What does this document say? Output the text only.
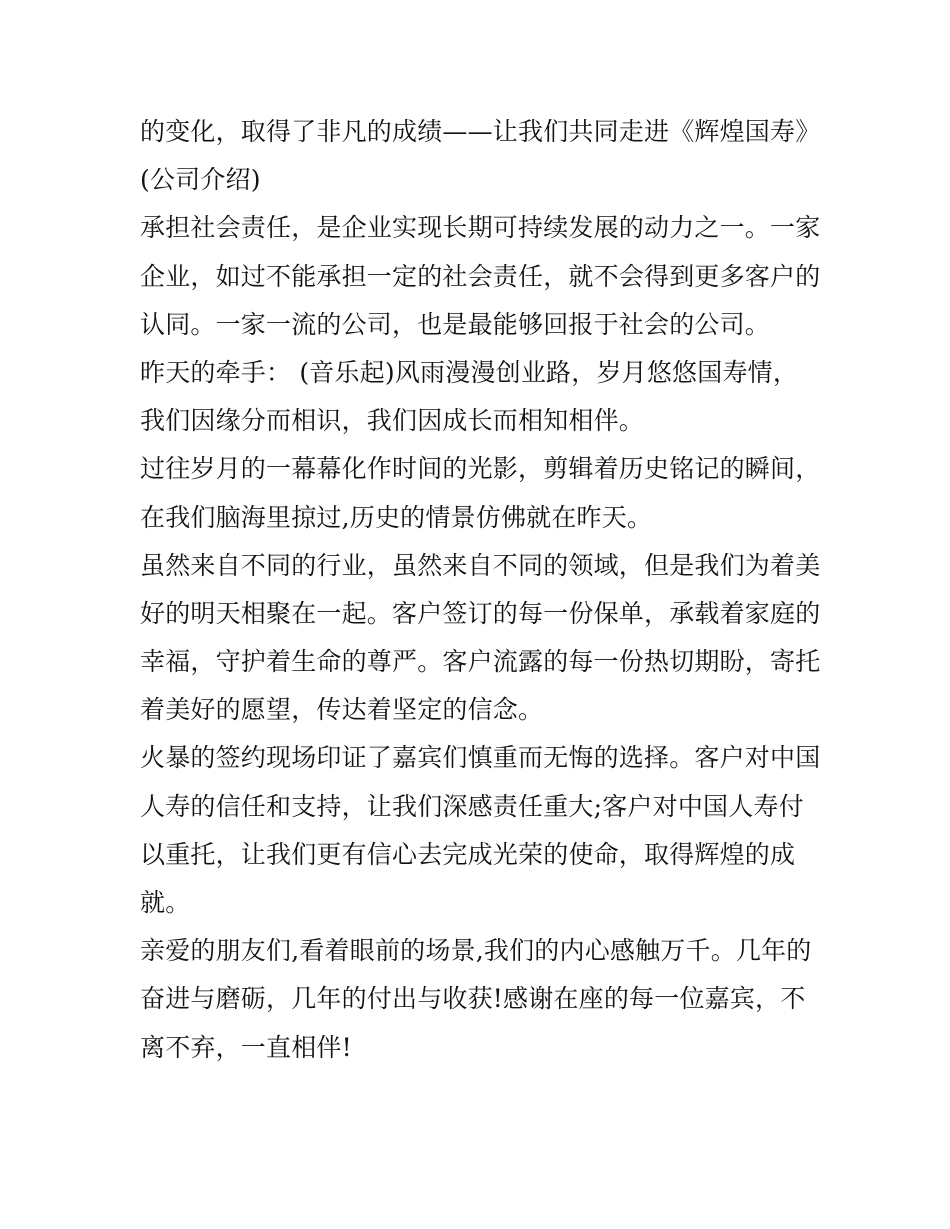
的变化，取得了非凡的成绩——让我们共同走进《辉煌国寿》
(公司介绍)
承担社会责任，是企业实现长期可持续发展的动力之一。一家
企业，如过不能承担一定的社会责任，就不会得到更多客户的
认同。一家一流的公司，也是最能够回报于社会的公司。
昨天的牵手： (音乐起)风雨漫漫创业路，岁月悠悠国寿情，
我们因缘分而相识，我们因成长而相知相伴。
过往岁月的一幕幕化作时间的光影，剪辑着历史铭记的瞬间，
在我们脑海里掠过,历史的情景仿佛就在昨天。
虽然来自不同的行业，虽然来自不同的领域，但是我们为着美
好的明天相聚在一起。客户签订的每一份保单，承载着家庭的
幸福，守护着生命的尊严。客户流露的每一份热切期盼，寄托
着美好的愿望，传达着坚定的信念。
火暴的签约现场印证了嘉宾们慎重而无悔的选择。客户对中国
人寿的信任和支持，让我们深感责任重大;客户对中国人寿付
以重托，让我们更有信心去完成光荣的使命，取得辉煌的成
就。
亲爱的朋友们,看着眼前的场景,我们的内心感触万千。几年的
奋进与磨砺，几年的付出与收获!感谢在座的每一位嘉宾，不
离不弃，一直相伴!
